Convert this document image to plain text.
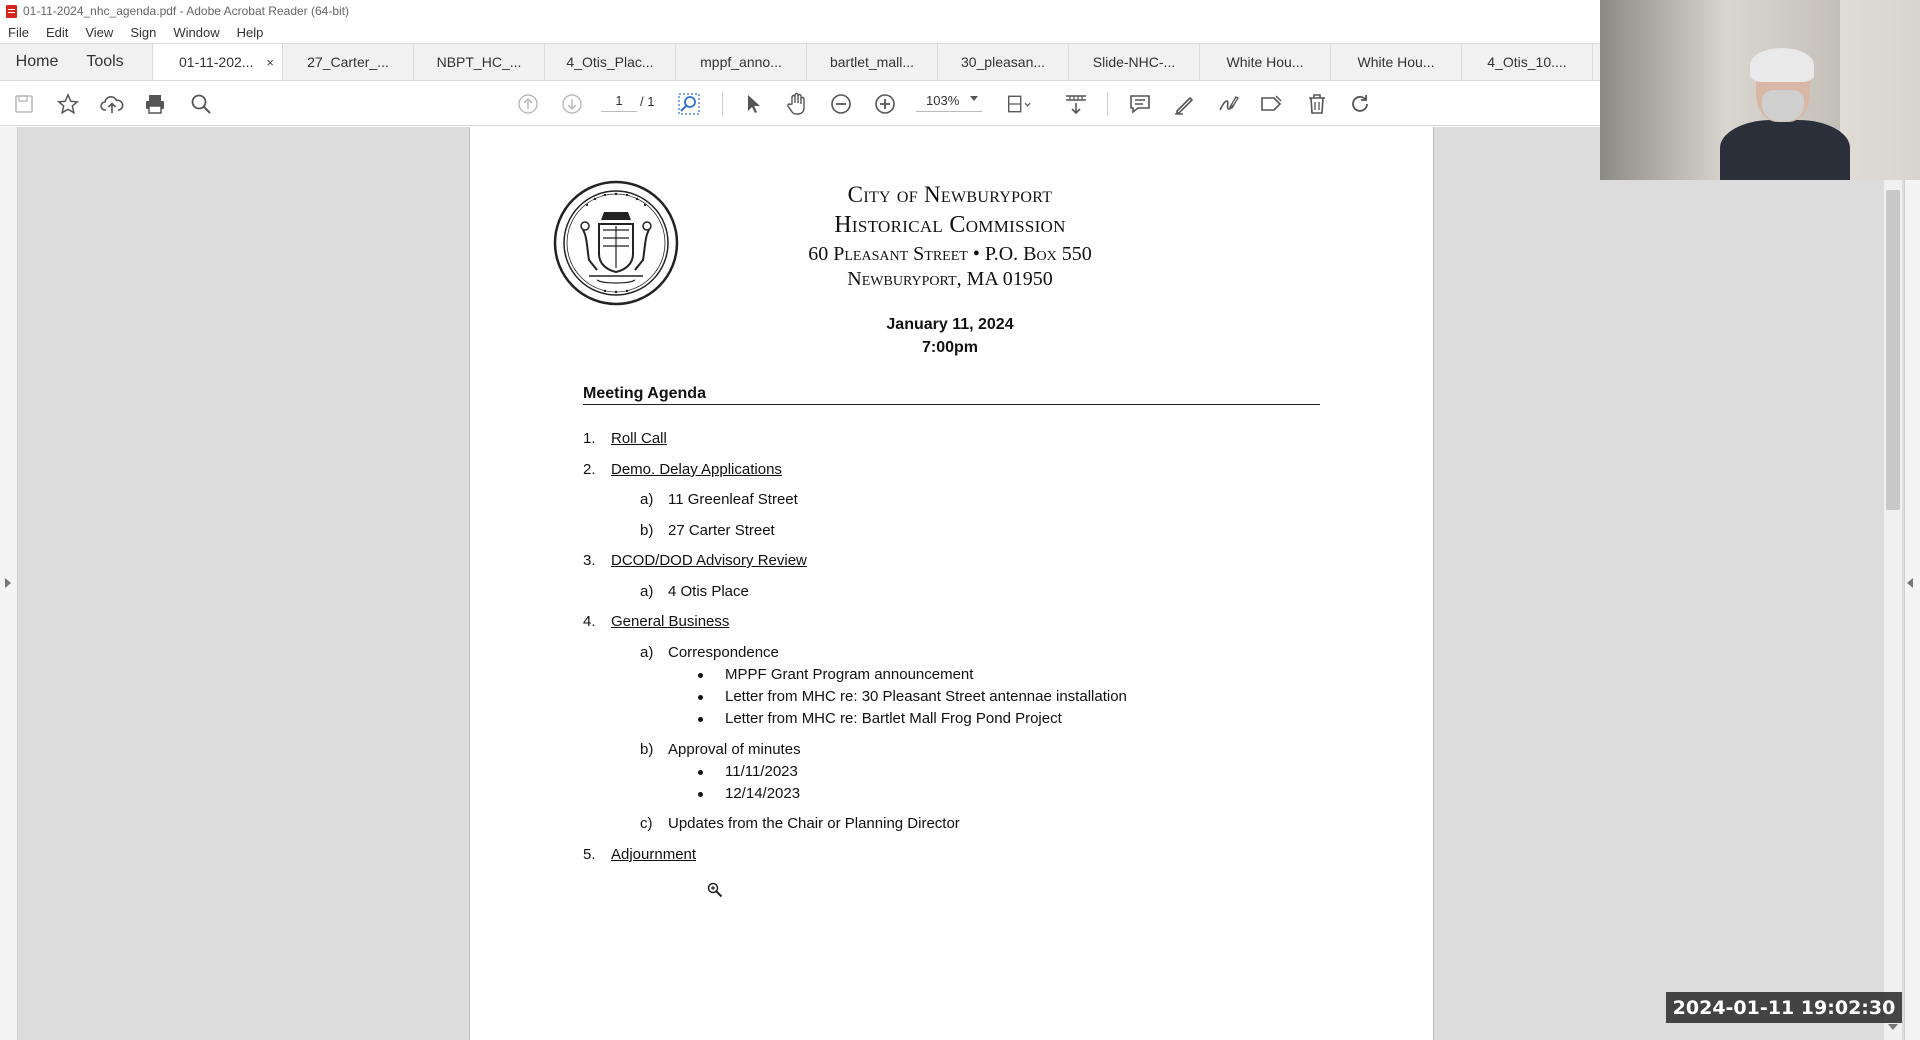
01-11-2024_nhc_agenda.pdf - Adobe Acrobat Reader (64-bit)
File Edit View Sign Window Help
Home	Tools	01-11-202... ×	27_Carter_...	NBPT_HC_...	4_Otis_Plac...	mppf_anno...	bartlet_mall...	30_pleasan...	Slide-NHC-...	White Hou...	White Hou...	4_Otis_10....
1	/ 1	103%
City of Newburyport
Historical Commission
60 Pleasant Street • P.O. Box 550
Newburyport, MA 01950
January 11, 2024
7:00pm
Meeting Agenda
1. Roll Call
2. Demo. Delay Applications
a) 11 Greenleaf Street
b) 27 Carter Street
3. DCOD/DOD Advisory Review
a) 4 Otis Place
4. General Business
a) Correspondence
MPPF Grant Program announcement
Letter from MHC re: 30 Pleasant Street antennae installation
Letter from MHC re: Bartlet Mall Frog Pond Project
b) Approval of minutes
11/11/2023
12/14/2023
c) Updates from the Chair or Planning Director
5. Adjournment
2024-01-11 19:02:30
